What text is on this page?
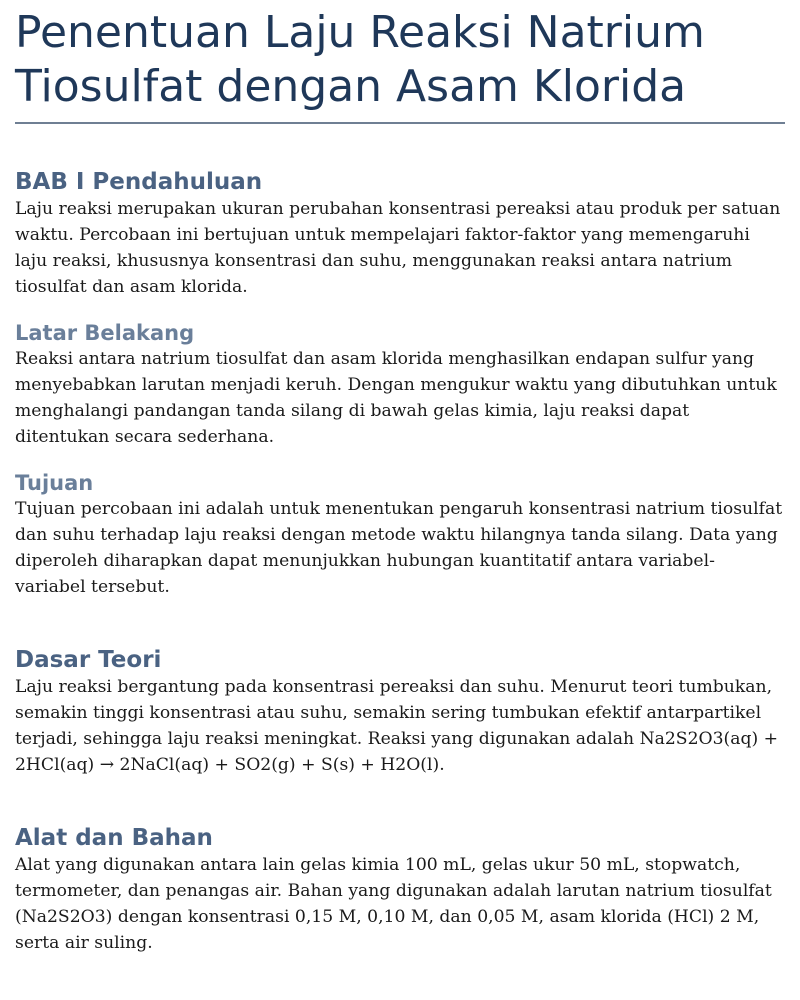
Penentuan Laju Reaksi Natrium Tiosulfat dengan Asam Klorida
BAB I Pendahuluan

Laju reaksi merupakan ukuran perubahan konsentrasi pereaksi atau produk per satuan waktu. Percobaan ini bertujuan untuk mempelajari faktor-faktor yang memengaruhi laju reaksi, khususnya konsentrasi dan suhu, menggunakan reaksi antara natrium tiosulfat dan asam klorida.

Latar Belakang

Reaksi antara natrium tiosulfat dan asam klorida menghasilkan endapan sulfur yang menyebabkan larutan menjadi keruh. Dengan mengukur waktu yang dibutuhkan untuk menghalangi pandangan tanda silang di bawah gelas kimia, laju reaksi dapat ditentukan secara sederhana.

Tujuan

Tujuan percobaan ini adalah untuk menentukan pengaruh konsentrasi natrium tiosulfat dan suhu terhadap laju reaksi dengan metode waktu hilangnya tanda silang. Data yang diperoleh diharapkan dapat menunjukkan hubungan kuantitatif antara variabel-variabel tersebut.

Dasar Teori

Laju reaksi bergantung pada konsentrasi pereaksi dan suhu. Menurut teori tumbukan, semakin tinggi konsentrasi atau suhu, semakin sering tumbukan efektif antarpartikel terjadi, sehingga laju reaksi meningkat. Reaksi yang digunakan adalah Na2S2O3(aq) + 2HCl(aq) → 2NaCl(aq) + SO2(g) + S(s) + H2O(l).

Alat dan Bahan

Alat yang digunakan antara lain gelas kimia 100 mL, gelas ukur 50 mL, stopwatch, termometer, dan penangas air. Bahan yang digunakan adalah larutan natrium tiosulfat (Na2S2O3) dengan konsentrasi 0,15 M, 0,10 M, dan 0,05 M, asam klorida (HCl) 2 M, serta air suling.
